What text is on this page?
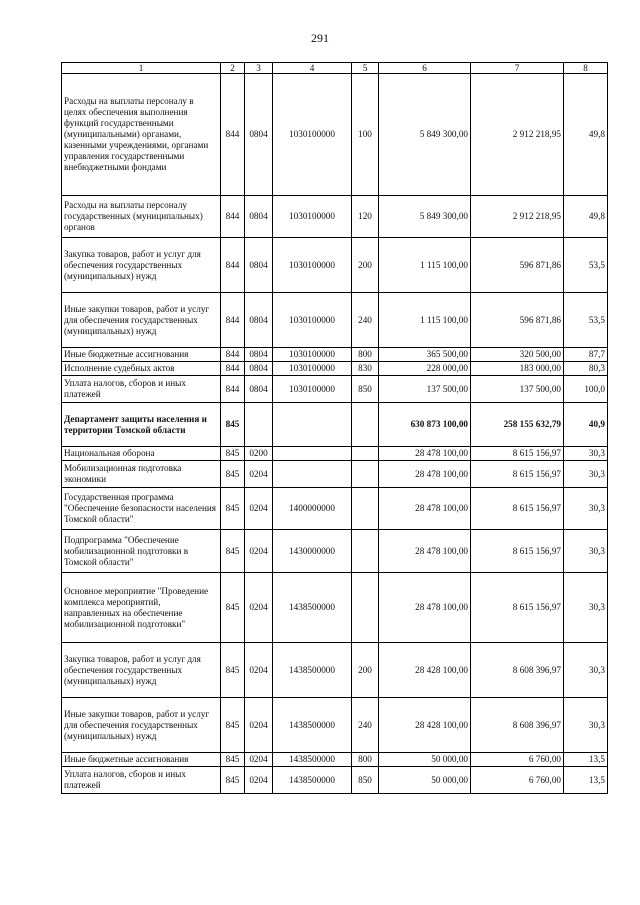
291
1	2	3	4	5	6	7	8
Расходы на выплаты персоналу в целях обеспечения выполнения функций государственными (муниципальными) органами, казенными учреждениями, органами управления государственными внебюджетными фондами	844	0804	1030100000	100	5 849 300,00	2 912 218,95	49,8
Расходы на выплаты персоналу государственных (муниципальных) органов	844	0804	1030100000	120	5 849 300,00	2 912 218,95	49,8
Закупка товаров, работ и услуг для обеспечения государственных (муниципальных) нужд	844	0804	1030100000	200	1 115 100,00	596 871,86	53,5
Иные закупки товаров, работ и услуг для обеспечения государственных (муниципальных) нужд	844	0804	1030100000	240	1 115 100,00	596 871,86	53,5
Иные бюджетные ассигнования	844	0804	1030100000	800	365 500,00	320 500,00	87,7
Исполнение судебных актов	844	0804	1030100000	830	228 000,00	183 000,00	80,3
Уплата налогов, сборов и иных платежей	844	0804	1030100000	850	137 500,00	137 500,00	100,0
Департамент защиты населения и территории Томской области	845				630 873 100,00	258 155 632,79	40,9
Национальная оборона	845	0200			28 478 100,00	8 615 156,97	30,3
Мобилизационная подготовка экономики	845	0204			28 478 100,00	8 615 156,97	30,3
Государственная программа "Обеспечение безопасности населения Томской области"	845	0204	1400000000		28 478 100,00	8 615 156,97	30,3
Подпрограмма "Обеспечение мобилизационной подготовки в Томской области"	845	0204	1430000000		28 478 100,00	8 615 156,97	30,3
Основное мероприятие "Проведение комплекса мероприятий, направленных на обеспечение мобилизационной подготовки"	845	0204	1438500000		28 478 100,00	8 615 156,97	30,3
Закупка товаров, работ и услуг для обеспечения государственных (муниципальных) нужд	845	0204	1438500000	200	28 428 100,00	8 608 396,97	30,3
Иные закупки товаров, работ и услуг для обеспечения государственных (муниципальных) нужд	845	0204	1438500000	240	28 428 100,00	8 608 396,97	30,3
Иные бюджетные ассигнования	845	0204	1438500000	800	50 000,00	6 760,00	13,5
Уплата налогов, сборов и иных платежей	845	0204	1438500000	850	50 000,00	6 760,00	13,5
